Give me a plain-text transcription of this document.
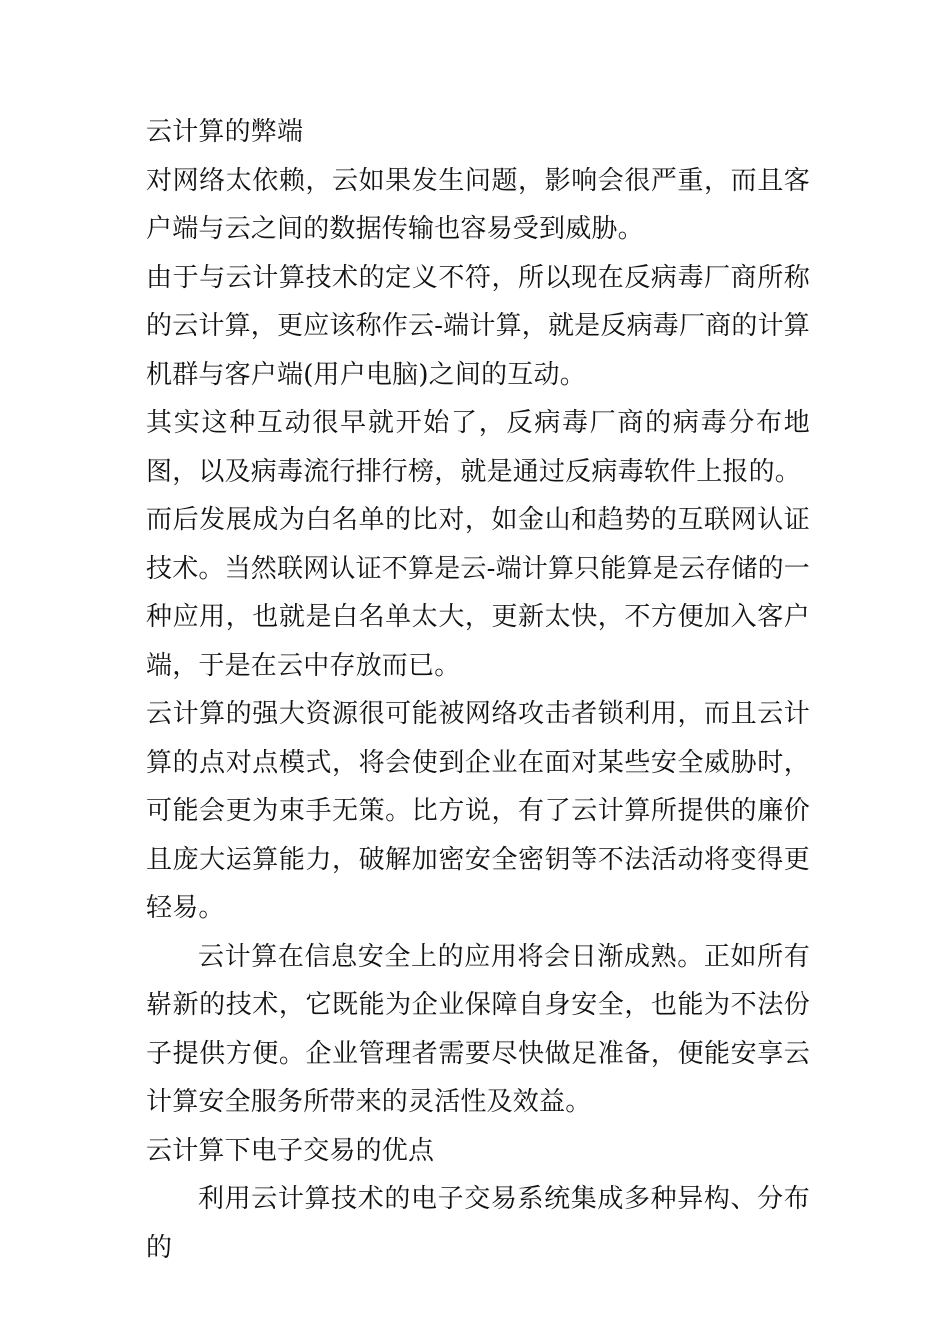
云计算的弊端

对网络太依赖，云如果发生问题，影响会很严重，而且客户端与云之间的数据传输也容易受到威胁。

由于与云计算技术的定义不符，所以现在反病毒厂商所称的云计算，更应该称作云-端计算，就是反病毒厂商的计算机群与客户端(用户电脑)之间的互动。

其实这种互动很早就开始了，反病毒厂商的病毒分布地图，以及病毒流行排行榜，就是通过反病毒软件上报的。

而后发展成为白名单的比对，如金山和趋势的互联网认证技术。当然联网认证不算是云-端计算只能算是云存储的一种应用，也就是白名单太大，更新太快，不方便加入客户端，于是在云中存放而已。

云计算的强大资源很可能被网络攻击者锁利用，而且云计算的点对点模式，将会使到企业在面对某些安全威胁时，可能会更为束手无策。比方说，有了云计算所提供的廉价且庞大运算能力，破解加密安全密钥等不法活动将变得更轻易。

云计算在信息安全上的应用将会日渐成熟。正如所有崭新的技术，它既能为企业保障自身安全，也能为不法份子提供方便。企业管理者需要尽快做足准备，便能安享云计算安全服务所带来的灵活性及效益。

云计算下电子交易的优点

利用云计算技术的电子交易系统集成多种异构、分布的
